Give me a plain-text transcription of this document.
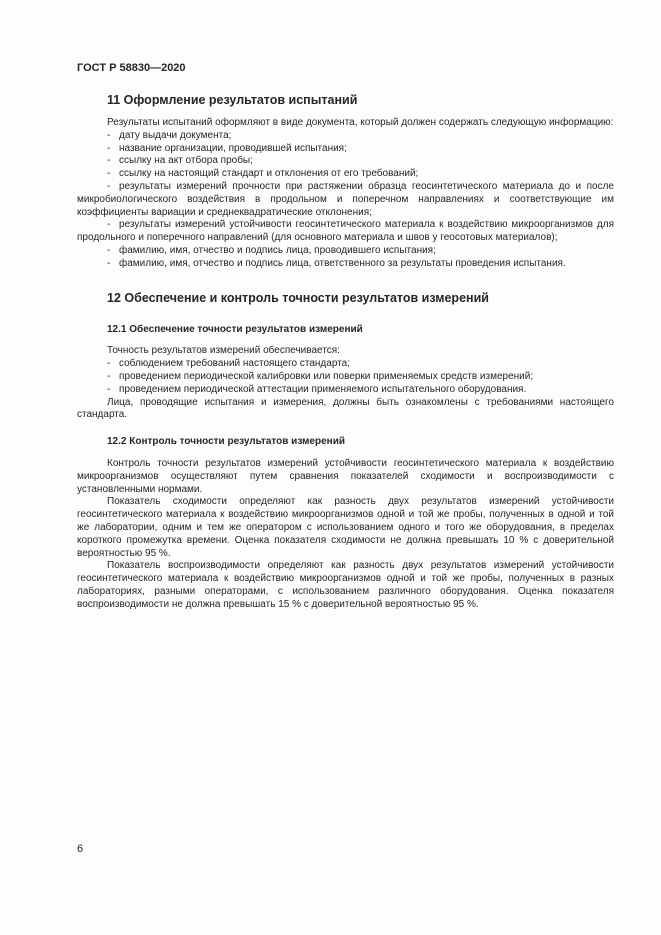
ГОСТ Р 58830—2020
11 Оформление результатов испытаний
Результаты испытаний оформляют в виде документа, который должен содержать следующую информацию:
- дату выдачи документа;
- название организации, проводившей испытания;
- ссылку на акт отбора пробы;
- ссылку на настоящий стандарт и отклонения от его требований;
- результаты измерений прочности при растяжении образца геосинтетического материала до и после микробиологического воздействия в продольном и поперечном направлениях и соответствующие им коэффициенты вариации и среднеквадратические отклонения;
- результаты измерений устойчивости геосинтетического материала к воздействию микроорганизмов для продольного и поперечного направлений (для основного материала и швов у геосотовых материалов);
- фамилию, имя, отчество и подпись лица, проводившего испытания;
- фамилию, имя, отчество и подпись лица, ответственного за результаты проведения испытания.
12 Обеспечение и контроль точности результатов измерений
12.1 Обеспечение точности результатов измерений
Точность результатов измерений обеспечивается:
- соблюдением требований настоящего стандарта;
- проведением периодической калибровки или поверки применяемых средств измерений;
- проведением периодической аттестации применяемого испытательного оборудования.
Лица, проводящие испытания и измерения, должны быть ознакомлены с требованиями настоящего стандарта.
12.2 Контроль точности результатов измерений
Контроль точности результатов измерений устойчивости геосинтетического материала к воздействию микроорганизмов осуществляют путем сравнения показателей сходимости и воспроизводимости с установленными нормами.
Показатель сходимости определяют как разность двух результатов измерений устойчивости геосинтетического материала к воздействию микроорганизмов одной и той же пробы, полученных в одной и той же лаборатории, одним и тем же оператором с использованием одного и того же оборудования, в пределах короткого промежутка времени. Оценка показателя сходимости не должна превышать 10 % с доверительной вероятностью 95 %.
Показатель воспроизводимости определяют как разность двух результатов измерений устойчивости геосинтетического материала к воздействию микроорганизмов одной и той же пробы, полученных в разных лабораториях, разными операторами, с использованием различного оборудования. Оценка показателя воспроизводимости не должна превышать 15 % с доверительной вероятностью 95 %.
6
